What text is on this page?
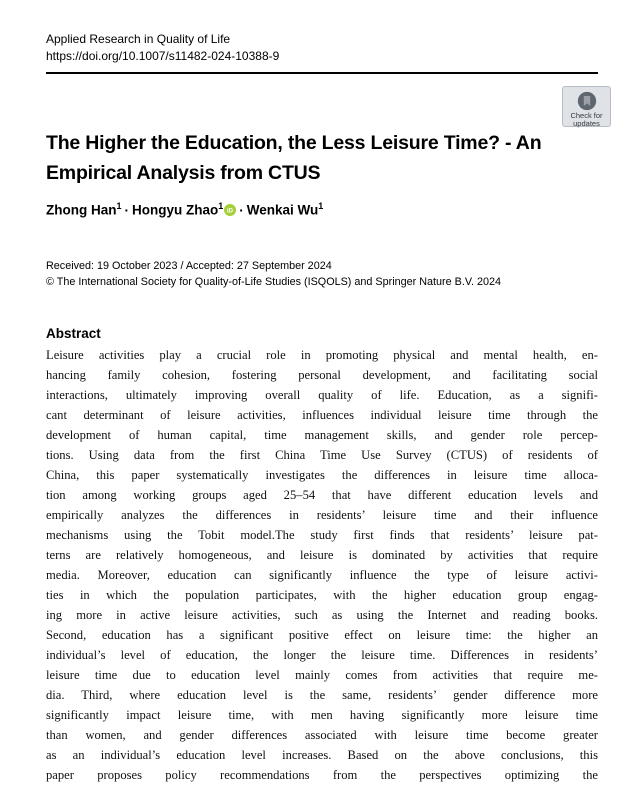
Applied Research in Quality of Life
https://doi.org/10.1007/s11482-024-10388-9
Check for
updates
The Higher the Education, the Less Leisure Time? - An
Empirical Analysis from CTUS
Zhong Han$^1$ · Hongyu Zhao$^1$ iD · Wenkai Wu$^1$
Received: 19 October 2023 / Accepted: 27 September 2024
© The International Society for Quality-of-Life Studies (ISQOLS) and Springer Nature B.V. 2024
Abstract
Leisure activities play a crucial role in promoting physical and mental health, en-
hancing family cohesion, fostering personal development, and facilitating social
interactions, ultimately improving overall quality of life. Education, as a signifi-
cant determinant of leisure activities, influences individual leisure time through the
development of human capital, time management skills, and gender role percep-
tions. Using data from the first China Time Use Survey (CTUS) of residents of
China, this paper systematically investigates the differences in leisure time alloca-
tion among working groups aged 25–54 that have different education levels and
empirically analyzes the differences in residents’ leisure time and their influence
mechanisms using the Tobit model.The study first finds that residents’ leisure pat-
terns are relatively homogeneous, and leisure is dominated by activities that require
media. Moreover, education can significantly influence the type of leisure activi-
ties in which the population participates, with the higher education group engag-
ing more in active leisure activities, such as using the Internet and reading books.
Second, education has a significant positive effect on leisure time: the higher an
individual’s level of education, the longer the leisure time. Differences in residents’
leisure time due to education level mainly comes from activities that require me-
dia. Third, where education level is the same, residents’ gender difference more
significantly impact leisure time, with men having significantly more leisure time
than women, and gender differences associated with leisure time become greater
as an individual’s education level increases. Based on the above conclusions, this
paper proposes policy recommendations from the perspectives optimizing the
